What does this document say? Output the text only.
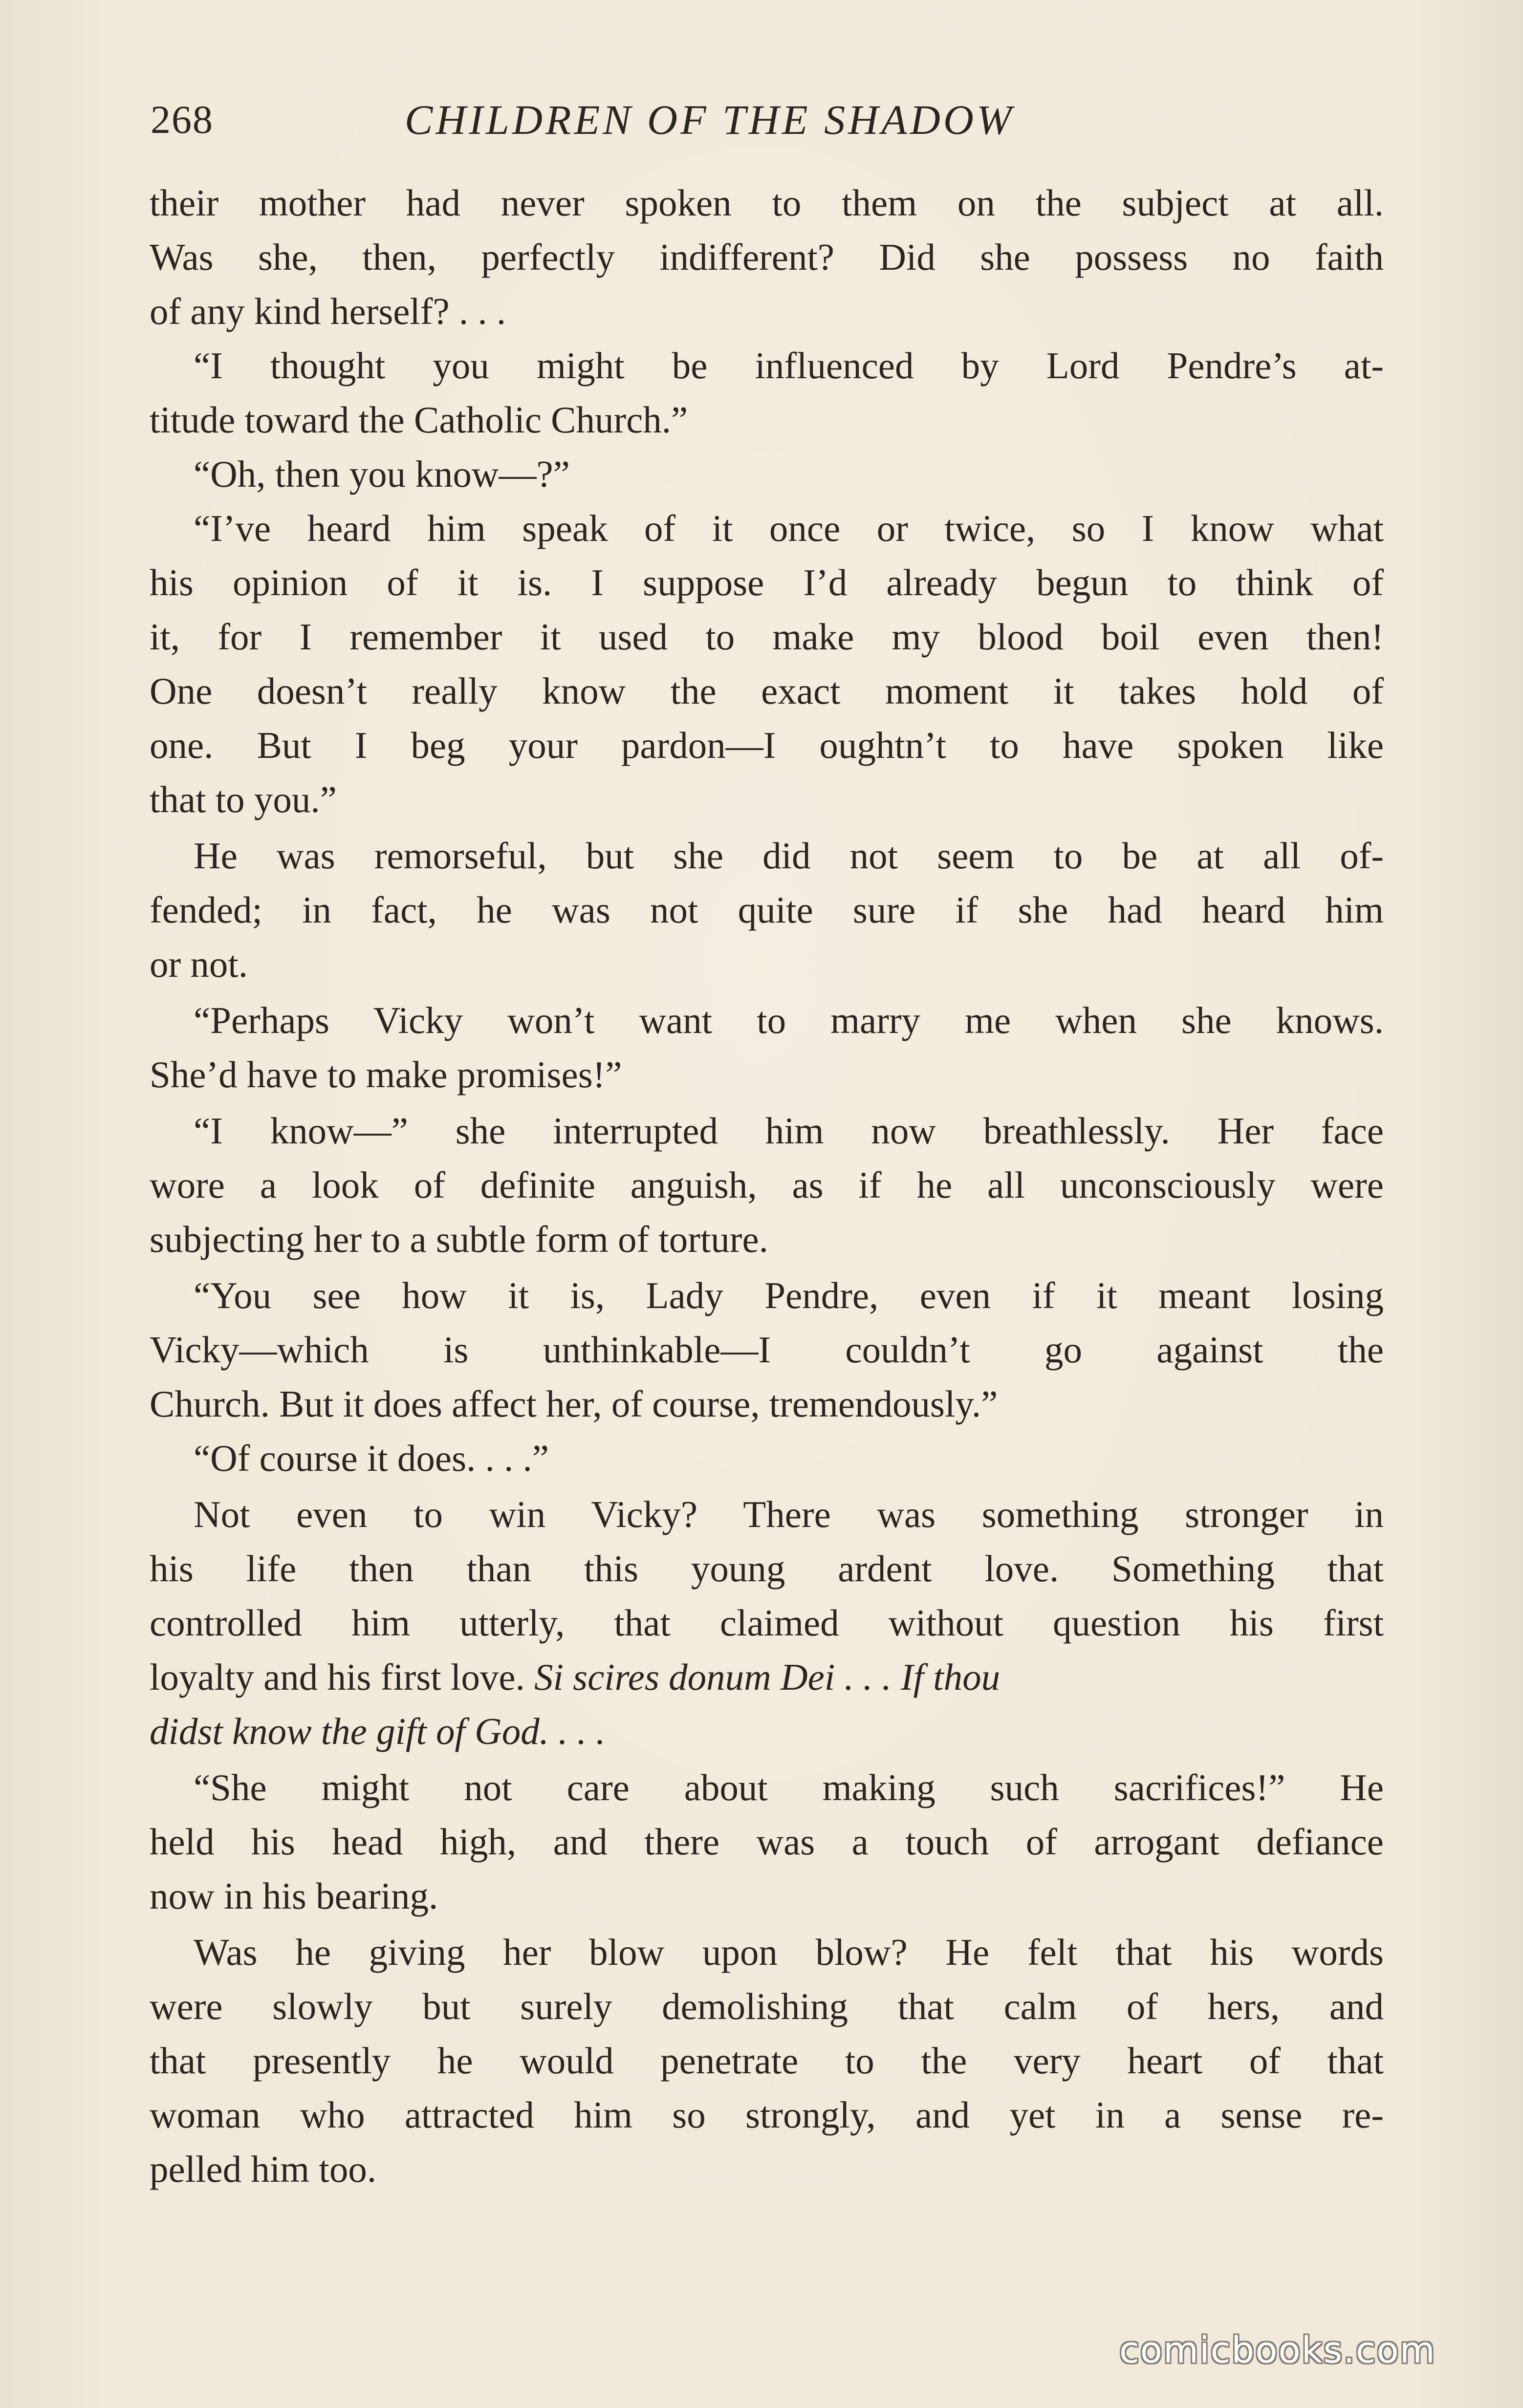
268	CHILDREN OF THE SHADOW
their mother had never spoken to them on the subject at all.
Was she, then, perfectly indifferent? Did she possess no faith
of any kind herself? . . .
“I thought you might be influenced by Lord Pendre’s at-
titude toward the Catholic Church.”
“Oh, then you know—?”
“I’ve heard him speak of it once or twice, so I know what
his opinion of it is. I suppose I’d already begun to think of
it, for I remember it used to make my blood boil even then!
One doesn’t really know the exact moment it takes hold of
one. But I beg your pardon—I oughtn’t to have spoken like
that to you.”
He was remorseful, but she did not seem to be at all of-
fended; in fact, he was not quite sure if she had heard him
or not.
“Perhaps Vicky won’t want to marry me when she knows.
She’d have to make promises!”
“I know—” she interrupted him now breathlessly. Her face
wore a look of definite anguish, as if he all unconsciously were
subjecting her to a subtle form of torture.
“You see how it is, Lady Pendre, even if it meant losing
Vicky—which is unthinkable—I couldn’t go against the
Church. But it does affect her, of course, tremendously.”
“Of course it does. . . .”
Not even to win Vicky? There was something stronger in
his life then than this young ardent love. Something that
controlled him utterly, that claimed without question his first
loyalty and his first love. Si scires donum Dei . . . If thou
didst know the gift of God. . . .
“She might not care about making such sacrifices!” He
held his head high, and there was a touch of arrogant defiance
now in his bearing.
Was he giving her blow upon blow? He felt that his words
were slowly but surely demolishing that calm of hers, and
that presently he would penetrate to the very heart of that
woman who attracted him so strongly, and yet in a sense re-
pelled him too.
comicbooks.com
